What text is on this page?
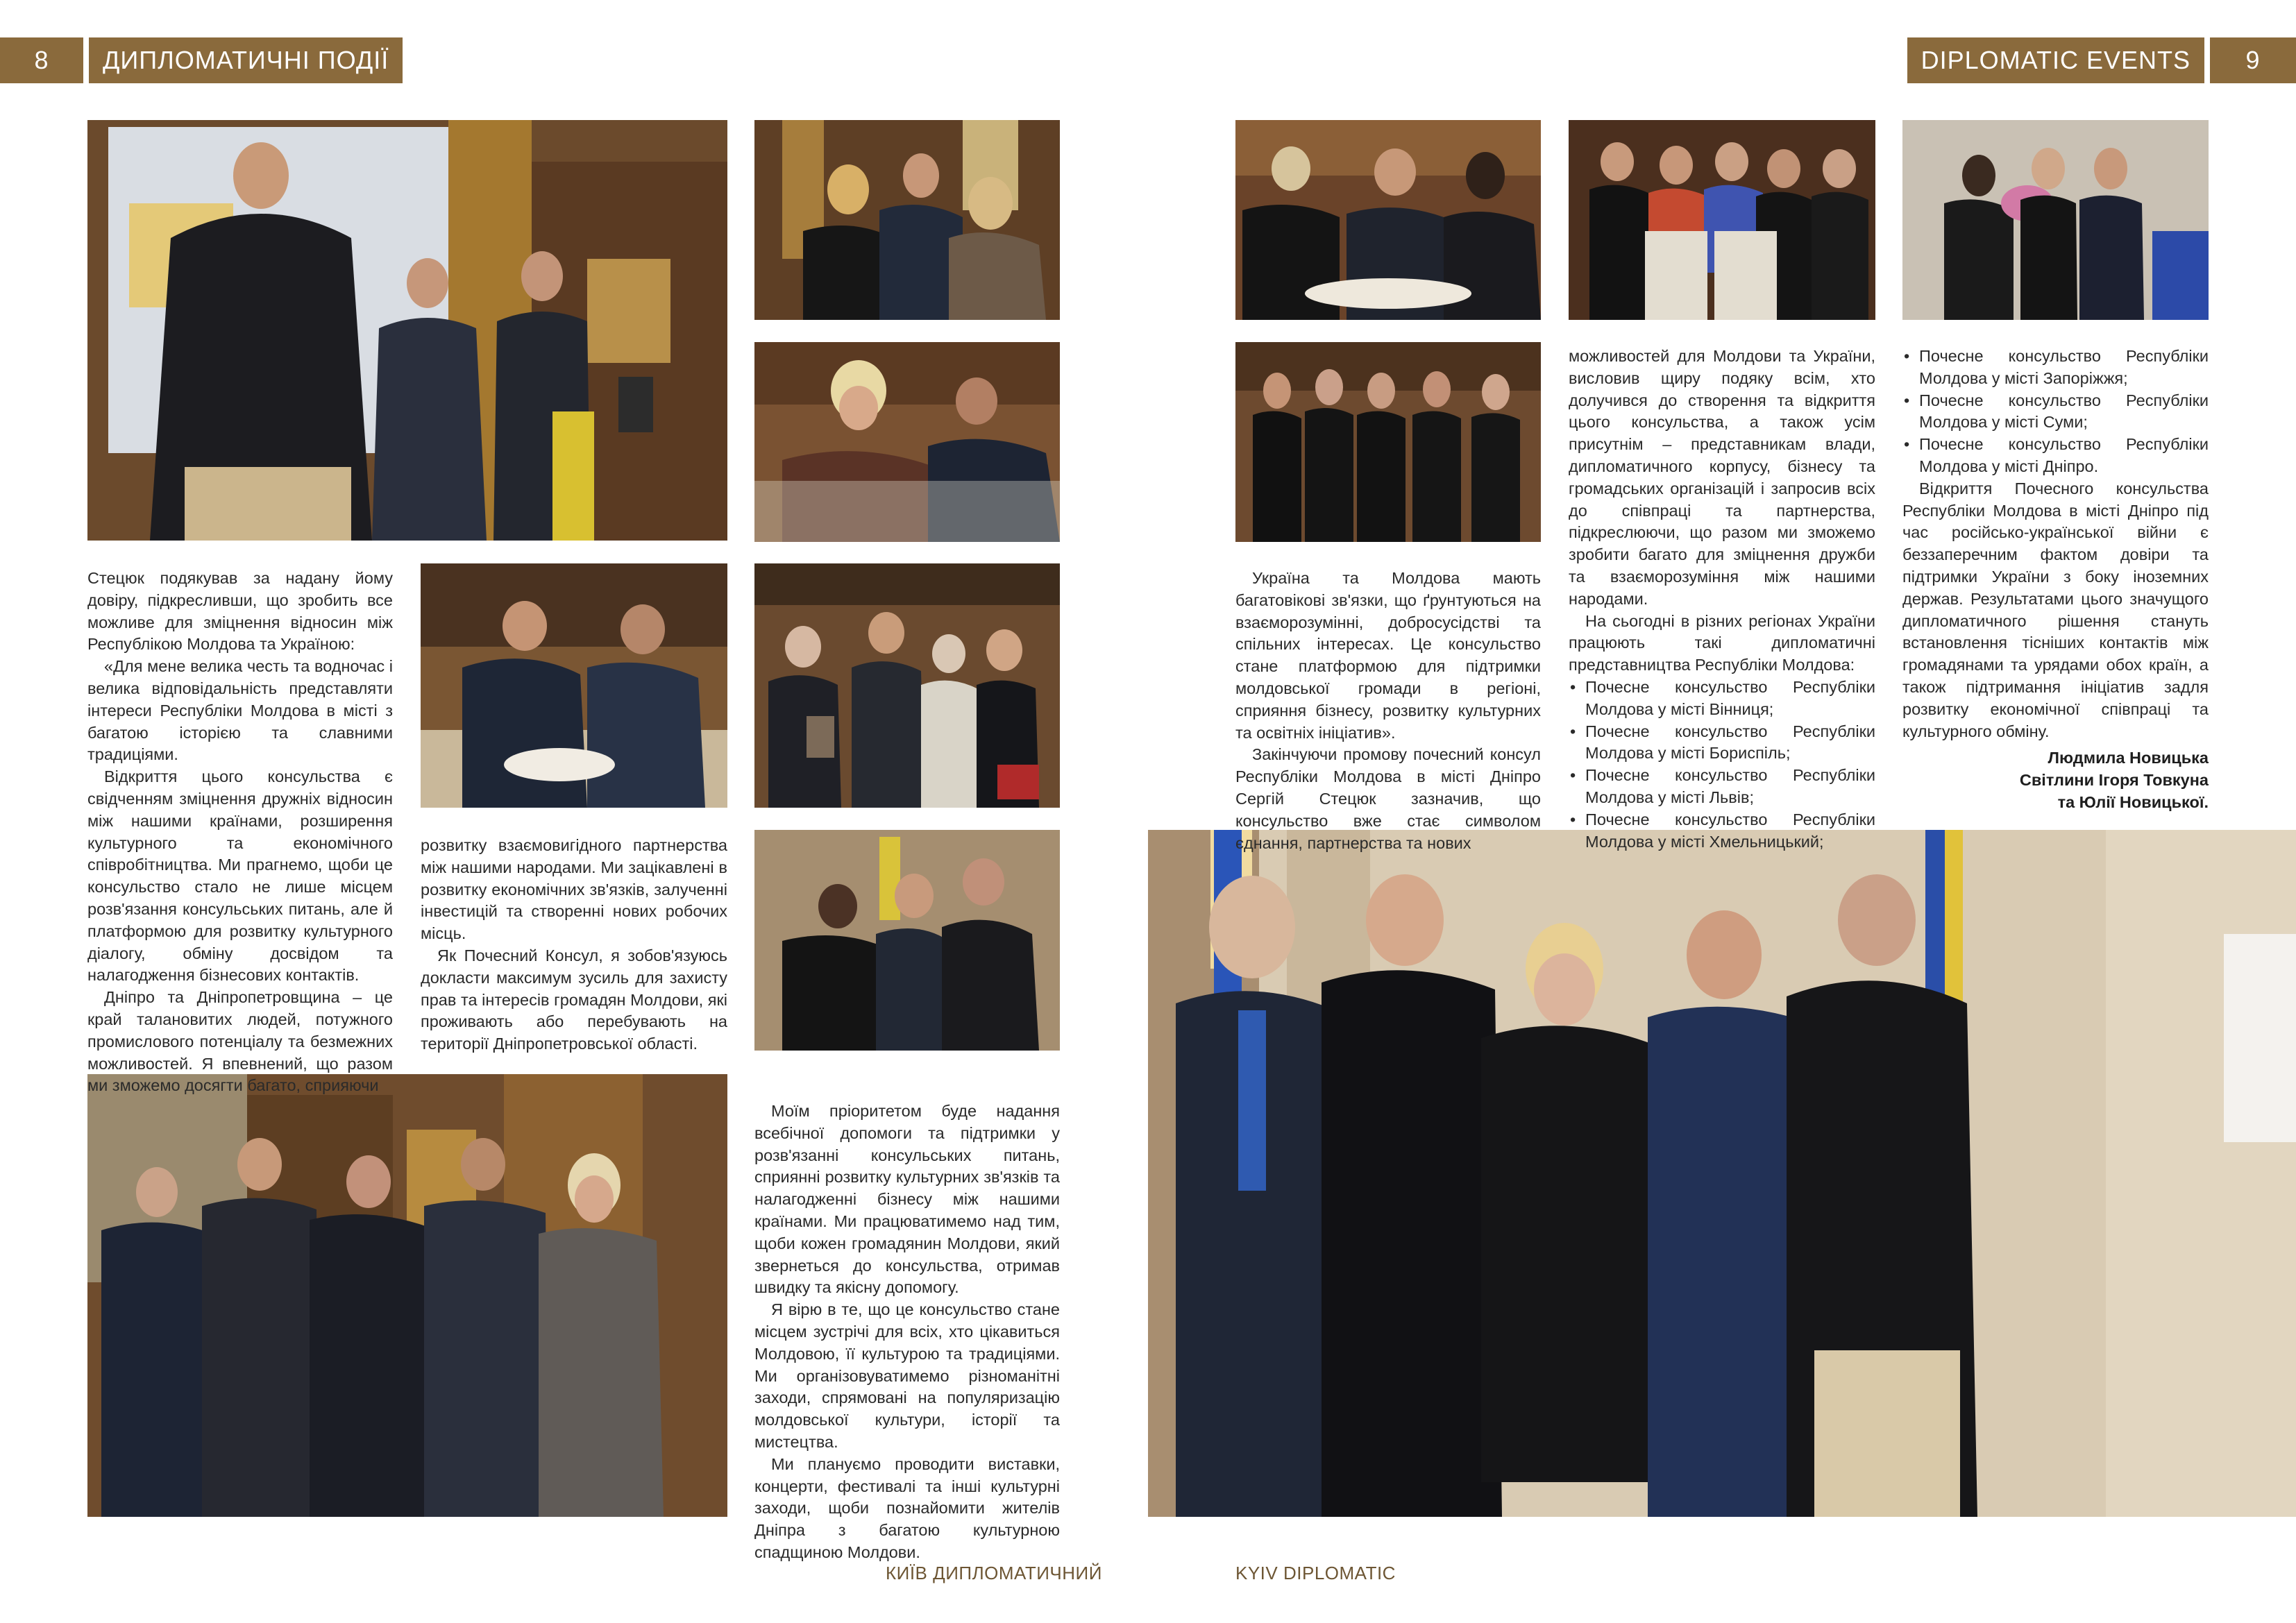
8	ДИПЛОМАТИЧНІ ПОДІЇ	DIPLOMATIC EVENTS	9

Стецюк подякував за надану йому довіру, підкресливши, що зробить все можливе для зміцнення відносин між Республікою Молдова та Україною:

«Для мене велика честь та водночас і велика відповідальність представляти інтереси Республіки Молдова в місті з багатою історією та славними традиціями.

Відкриття цього консульства є свідченням зміцнення дружніх відносин між нашими країнами, розширення культурного та економічного співробітництва. Ми прагнемо, щоби це консульство стало не лише місцем розв'язання консульських питань, але й платформою для розвитку культурного діалогу, обміну досвідом та налагодження бізнесових контактів.

Дніпро та Дніпропетровщина – це край талановитих людей, потужного промислового потенціалу та безмежних можливостей. Я впевнений, що разом ми зможемо досягти багато, сприяючи

розвитку взаємовигідного партнерства між нашими народами. Ми зацікавлені в розвитку економічних зв'язків, залученні інвестицій та створенні нових робочих місць.

Як Почесний Консул, я зобов'язуюсь докласти максимум зусиль для захисту прав та інтересів громадян Молдови, які проживають або перебувають на території Дніпропетровської області.

Моїм пріоритетом буде надання всебічної допомоги та підтримки у розв'язанні консульських питань, сприянні розвитку культурних зв'язків та налагодженні бізнесу між нашими країнами. Ми працюватимемо над тим, щоби кожен громадянин Молдови, який звернеться до консульства, отримав швидку та якісну допомогу.

Я вірю в те, що це консульство стане місцем зустрічі для всіх, хто цікавиться Молдовою, її культурою та традиціями. Ми організовуватимемо різноманітні заходи, спрямовані на популяризацію молдовської культури, історії та мистецтва.

Ми плануємо проводити виставки, концерти, фестивалі та інші культурні заходи, щоби познайомити жителів Дніпра з багатою культурною спадщиною Молдови.

Україна та Молдова мають багатовікові зв'язки, що ґрунтуються на взаєморозумінні, добросусідстві та спільних інтересах. Це консульство стане платформою для підтримки молдовської громади в регіоні, сприяння бізнесу, розвитку культурних та освітніх ініціатив».

Закінчуючи промову почесний консул Республіки Молдова в місті Дніпро Сергій Стецюк зазначив, що консульство вже стає символом єднання, партнерства та нових

можливостей для Молдови та України, висловив щиру подяку всім, хто долучився до створення та відкриття цього консульства, а також усім присутнім – представникам влади, дипломатичного корпусу, бізнесу та громадських організацій і запросив всіх до співпраці та партнерства, підкреслюючи, що разом ми зможемо зробити багато для зміцнення дружби та взаєморозуміння між нашими народами.

На сьогодні в різних регіонах України працюють такі дипломатичні представництва Республіки Молдова:

• Почесне консульство Республіки Молдова у місті Вінниця;
• Почесне консульство Республіки Молдова у місті Бориспіль;
• Почесне консульство Республіки Молдова у місті Львів;
• Почесне консульство Республіки Молдова у місті Хмельницький;
• Почесне консульство Республіки Молдова у місті Запоріжжя;
• Почесне консульство Республіки Молдова у місті Суми;
• Почесне консульство Республіки Молдова у місті Дніпро.

Відкриття Почесного консульства Республіки Молдова в місті Дніпро під час російсько-української війни є беззаперечним фактом довіри та підтримки України з боку іноземних держав. Результатами цього значущого дипломатичного рішення стануть встановлення тісніших контактів між громадянами та урядами обох країн, а також підтримання ініціатив задля розвитку економічної співпраці та культурного обміну.

Людмила Новицька
Світлини Ігоря Товкуна
та Юлії Новицької.
КИЇВ ДИПЛОМАТИЧНИЙ	KYIV DIPLOMATIC
